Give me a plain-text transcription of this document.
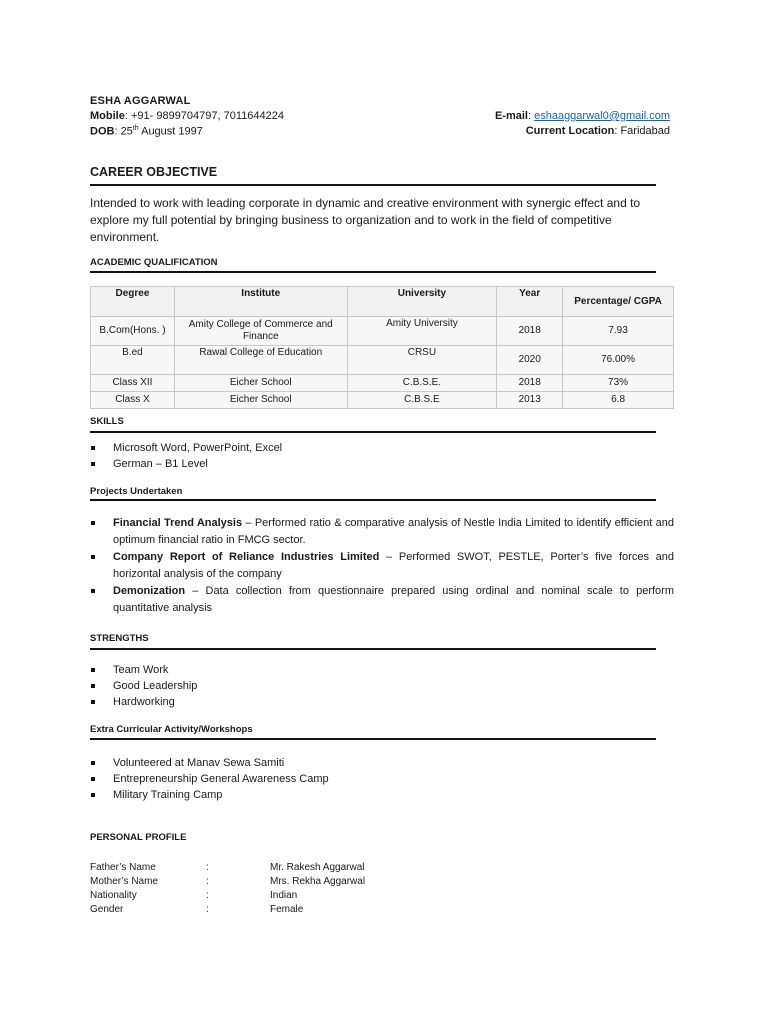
ESHA AGGARWAL
Mobile: +91- 9899704797, 7011644224
DOB: 25th August 1997
E-mail: eshaaggarwal0@gmail.com
Current Location: Faridabad
CAREER OBJECTIVE
Intended to work with leading corporate in dynamic and creative environment with synergic effect and to explore my full potential by bringing business to organization and to work in the field of competitive environment.
ACADEMIC QUALIFICATION
Degree	Institute	University	Year	Percentage/ CGPA
B.Com(Hons. )	Amity College of Commerce and Finance	Amity University	2018	7.93
B.ed	Rawal College of Education	CRSU	2020	76.00%
Class XII	Eicher School	C.B.S.E.	2018	73%
Class X	Eicher School	C.B.S.E	2013	6.8
SKILLS
Microsoft Word, PowerPoint, Excel
German – B1 Level
Projects Undertaken
Financial Trend Analysis – Performed ratio & comparative analysis of Nestle India Limited to identify efficient and optimum financial ratio in FMCG sector.
Company Report of Reliance Industries Limited – Performed SWOT, PESTLE, Porter’s five forces and horizontal analysis of the company
Demonization – Data collection from questionnaire prepared using ordinal and nominal scale to perform quantitative analysis
STRENGTHS
Team Work
Good Leadership
Hardworking
Extra Curricular Activity/Workshops
Volunteered at Manav Sewa Samiti
Entrepreneurship General Awareness Camp
Military Training Camp
PERSONAL PROFILE
Father’s Name	:	Mr. Rakesh Aggarwal
Mother’s Name	:	Mrs. Rekha Aggarwal
Nationality	:	Indian
Gender	:	Female
